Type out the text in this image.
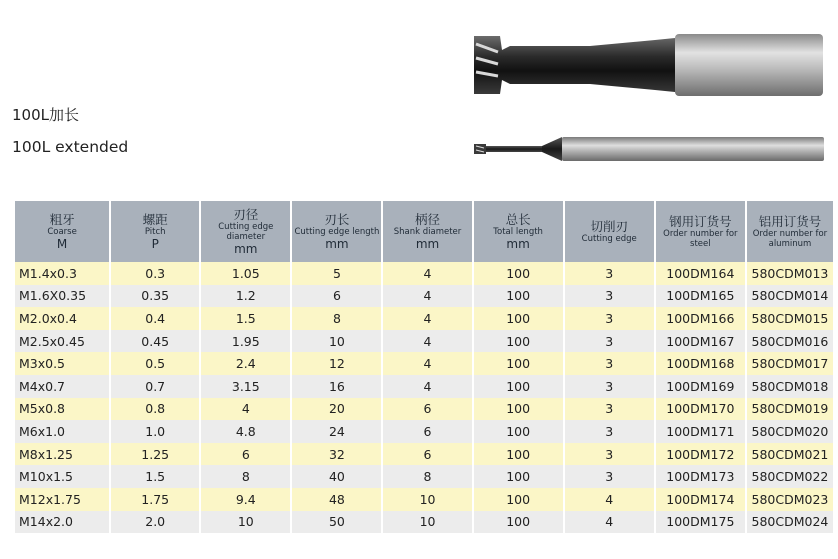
100L加长
100L extended
粗牙
Coarse
M	螺距
Pitch
P	刃径
Cutting edge diameter
mm	刃长
Cutting edge length
mm	柄径
Shank diameter
mm	总长
Total length
mm	切削刃
Cutting edge	钢用订货号
Order number for steel	铝用订货号
Order number for aluminum

M1.4x0.3	0.3	1.05	5	4	100	3	100DM164	580CDM013
M1.6X0.35	0.35	1.2	6	4	100	3	100DM165	580CDM014
M2.0x0.4	0.4	1.5	8	4	100	3	100DM166	580CDM015
M2.5x0.45	0.45	1.95	10	4	100	3	100DM167	580CDM016
M3x0.5	0.5	2.4	12	4	100	3	100DM168	580CDM017
M4x0.7	0.7	3.15	16	4	100	3	100DM169	580CDM018
M5x0.8	0.8	4	20	6	100	3	100DM170	580CDM019
M6x1.0	1.0	4.8	24	6	100	3	100DM171	580CDM020
M8x1.25	1.25	6	32	6	100	3	100DM172	580CDM021
M10x1.5	1.5	8	40	8	100	3	100DM173	580CDM022
M12x1.75	1.75	9.4	48	10	100	4	100DM174	580CDM023
M14x2.0	2.0	10	50	10	100	4	100DM175	580CDM024
